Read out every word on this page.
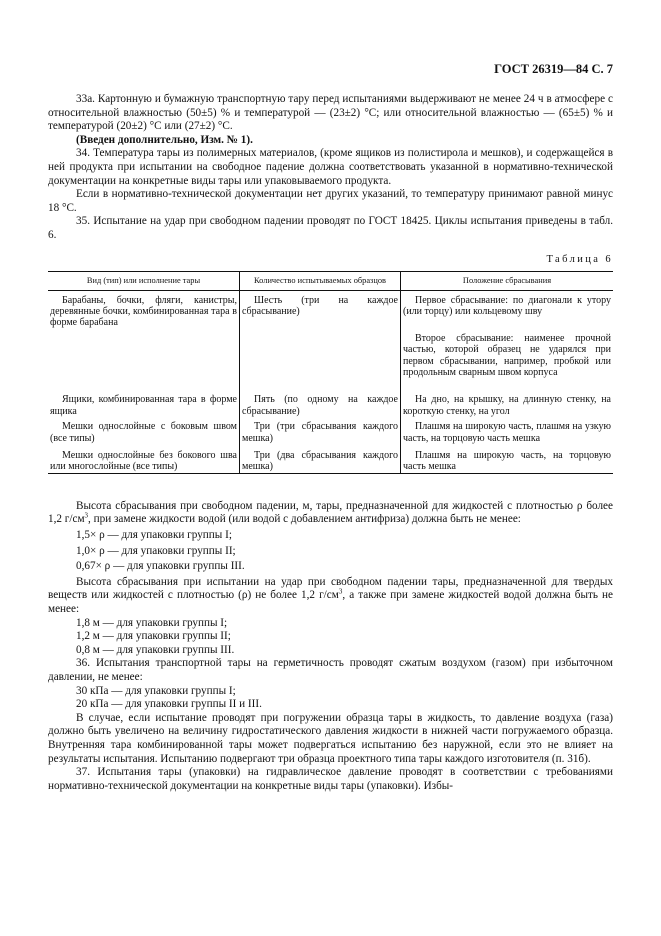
ГОСТ 26319—84 С. 7

33а. Картонную и бумажную транспортную тару перед испытаниями выдерживают не менее 24 ч в атмосфере с относительной влажностью (50±5) % и температурой — (23±2) °С; или относительной влажностью — (65±5) % и температурой (20±2) °С или (27±2) °С.

(Введен дополнительно, Изм. № 1).

34. Температура тары из полимерных материалов, (кроме ящиков из полистирола и мешков), и содержащейся в ней продукта при испытании на свободное падение должна соответствовать указанной в нормативно-технической документации на конкретные виды тары или упаковываемого продукта.

Если в нормативно-технической документации нет других указаний, то температуру принимают равной минус 18 °С.

35. Испытание на удар при свободном падении проводят по ГОСТ 18425. Циклы испытания приведены в табл. 6.

Таблица 6
Вид (тип) или исполнение тары	Количество испытываемых образцов	Положение сбрасывания
Барабаны, бочки, фляги, канистры, деревянные бочки, комбинированная тара в форме барабана	Шесть (три на каждое сбрасывание)	Первое сбрасывание: по диагонали к утору (или торцу) или кольцевому шву
		Второе сбрасывание: наименее прочной частью, которой образец не ударялся при первом сбрасывании, например, пробкой или продольным сварным швом корпуса
Ящики, комбинированная тара в форме ящика	Пять (по одному на каждое сбрасывание)	На дно, на крышку, на длинную стенку, на короткую стенку, на угол
Мешки однослойные с боковым швом (все типы)	Три (три сбрасывания каждого мешка)	Плашмя на широкую часть, плашмя на узкую часть, на торцовую часть мешка
Мешки однослойные без бокового шва или многослойные (все типы)	Три (два сбрасывания каждого мешка)	Плашмя на широкую часть, на торцовую часть мешка

Высота сбрасывания при свободном падении, м, тары, предназначенной для жидкостей с плотностью ρ более 1,2 $г/см^3$, при замене жидкости водой (или водой с добавлением антифриза) должна быть не менее:

1,5× ρ — для упаковки группы I;

1,0× ρ — для упаковки группы II;

0,67× ρ — для упаковки группы III.

Высота сбрасывания при испытании на удар при свободном падении тары, предназначенной для твердых веществ или жидкостей с плотностью (ρ) не более 1,2 $г/см^3$, а также при замене жидкостей водой должна быть не менее:

1,8 м — для упаковки группы I;

1,2 м — для упаковки группы II;

0,8 м — для упаковки группы III.

36. Испытания транспортной тары на герметичность проводят сжатым воздухом (газом) при избыточном давлении, не менее:

30 кПа — для упаковки группы I;

20 кПа — для упаковки группы II и III.

В случае, если испытание проводят при погружении образца тары в жидкость, то давление воздуха (газа) должно быть увеличено на величину гидростатического давления жидкости в нижней части погружаемого образца. Внутренняя тара комбинированной тары может подвергаться испытанию без наружной, если это не влияет на результаты испытания. Испытанию подвергают три образца проектного типа тары каждого изготовителя (п. 31б).

37. Испытания тары (упаковки) на гидравлическое давление проводят в соответствии с требованиями нормативно-технической документации на конкретные виды тары (упаковки). Избы-
